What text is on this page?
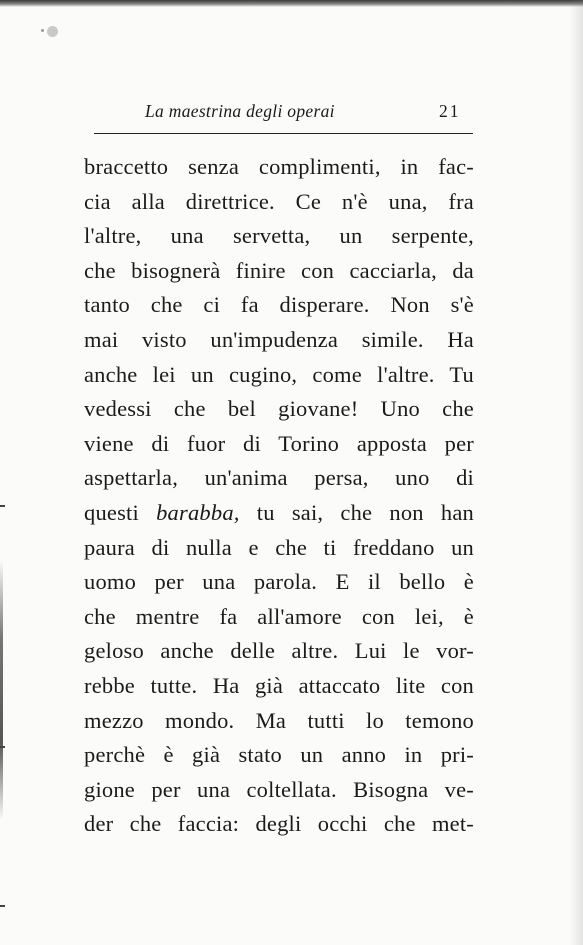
La maestrina degli operai	21
braccetto senza complimenti, in fac-
cia alla direttrice. Ce n'è una, fra
l'altre, una servetta, un serpente,
che bisognerà finire con cacciarla, da
tanto che ci fa disperare. Non s'è
mai visto un'impudenza simile. Ha
anche lei un cugino, come l'altre. Tu
vedessi che bel giovane! Uno che
viene di fuor di Torino apposta per
aspettarla, un'anima persa, uno di
questi barabba, tu sai, che non han
paura di nulla e che ti freddano un
uomo per una parola. E il bello è
che mentre fa all'amore con lei, è
geloso anche delle altre. Lui le vor-
rebbe tutte. Ha già attaccato lite con
mezzo mondo. Ma tutti lo temono
perchè è già stato un anno in pri-
gione per una coltellata. Bisogna ve-
der che faccia: degli occhi che met-
